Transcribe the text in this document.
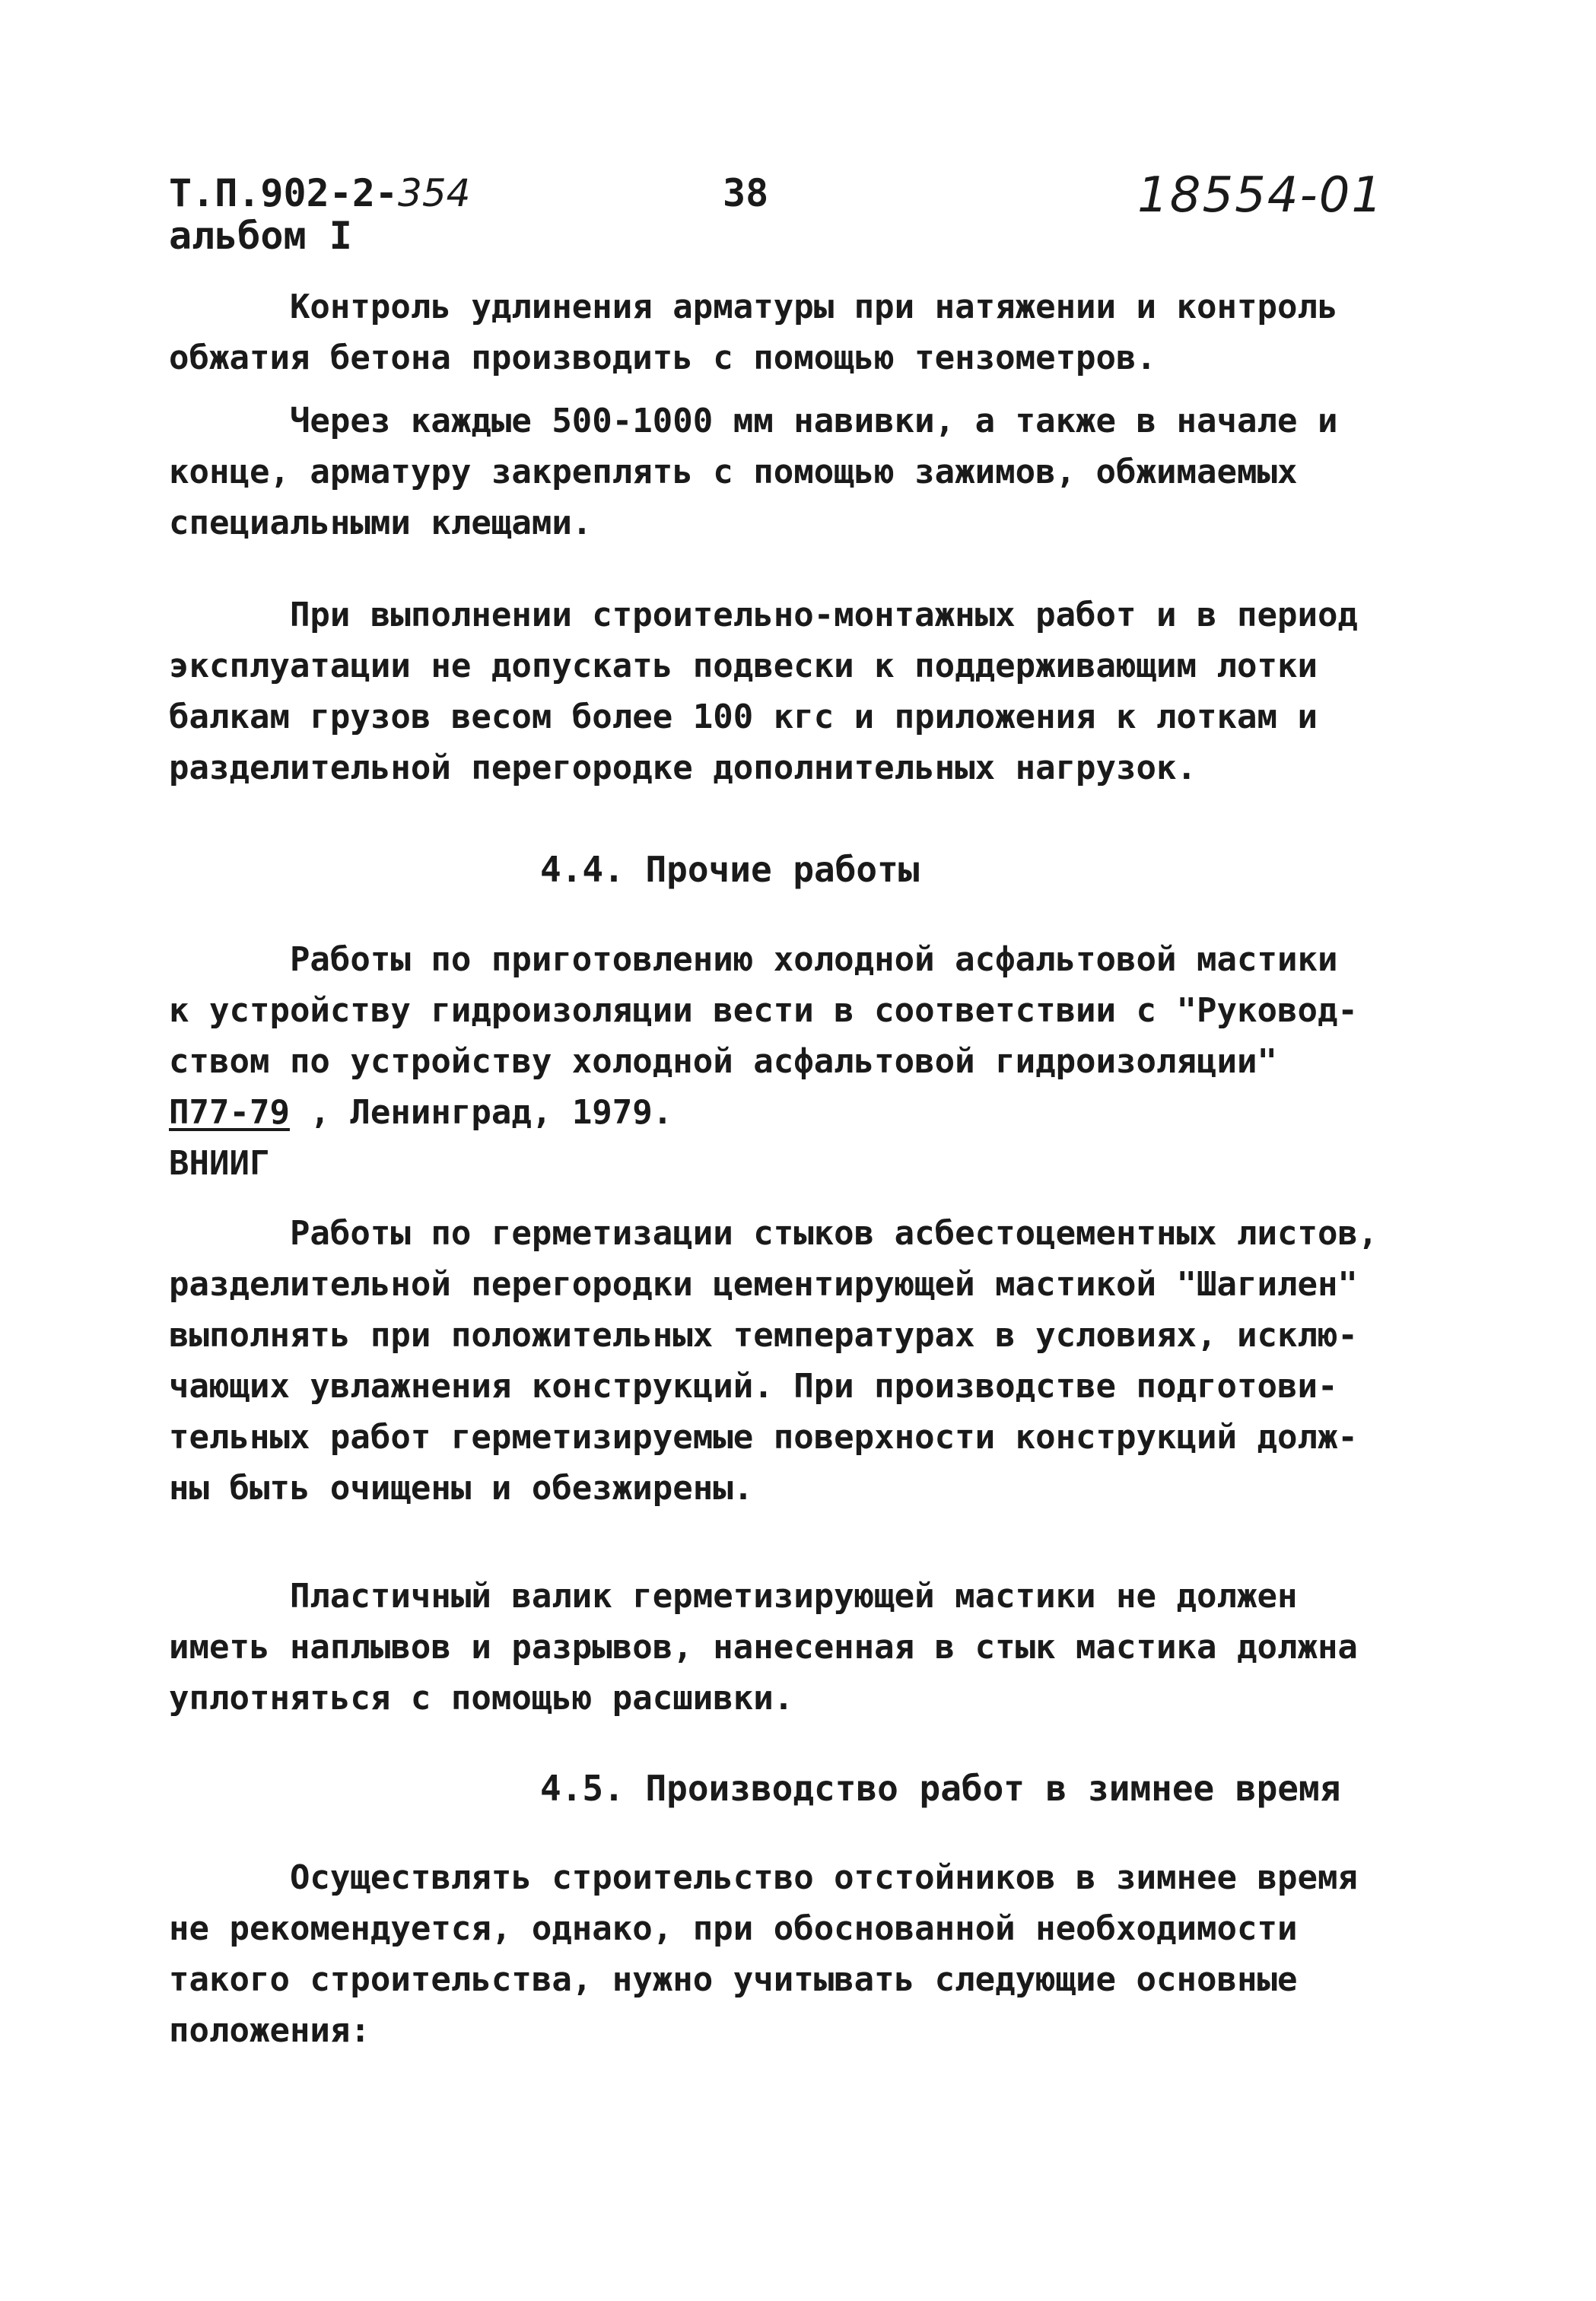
Т.П.902-2-354
альбом I
38	18554-01
Контроль удлинения арматуры при натяжении и контроль
обжатия бетона производить с помощью тензометров.
Через каждые 500-1000 мм навивки, а также в начале и
конце, арматуру закреплять с помощью зажимов, обжимаемых
специальными клещами.
При выполнении строительно-монтажных работ и в период
эксплуатации не допускать подвески к поддерживающим лотки
балкам грузов весом более 100 кгс и приложения к лоткам и
разделительной перегородке дополнительных нагрузок.
4.4. Прочие работы
Работы по приготовлению холодной асфальтовой мастики
к устройству гидроизоляции вести в соответствии с "Руковод-
ством по устройству холодной асфальтовой гидроизоляции"
П77-79 , Ленинград, 1979.
ВНИИГ
Работы по герметизации стыков асбестоцементных листов,
разделительной перегородки цементирующей мастикой "Шагилен"
выполнять при положительных температурах в условиях, исклю-
чающих увлажнения конструкций. При производстве подготови-
тельных работ герметизируемые поверхности конструкций долж-
ны быть очищены и обезжирены.
Пластичный валик герметизирующей мастики не должен
иметь наплывов и разрывов, нанесенная в стык мастика должна
уплотняться с помощью расшивки.
4.5. Производство работ в зимнее время
Осуществлять строительство отстойников в зимнее время
не рекомендуется, однако, при обоснованной необходимости
такого строительства, нужно учитывать следующие основные
положения:
